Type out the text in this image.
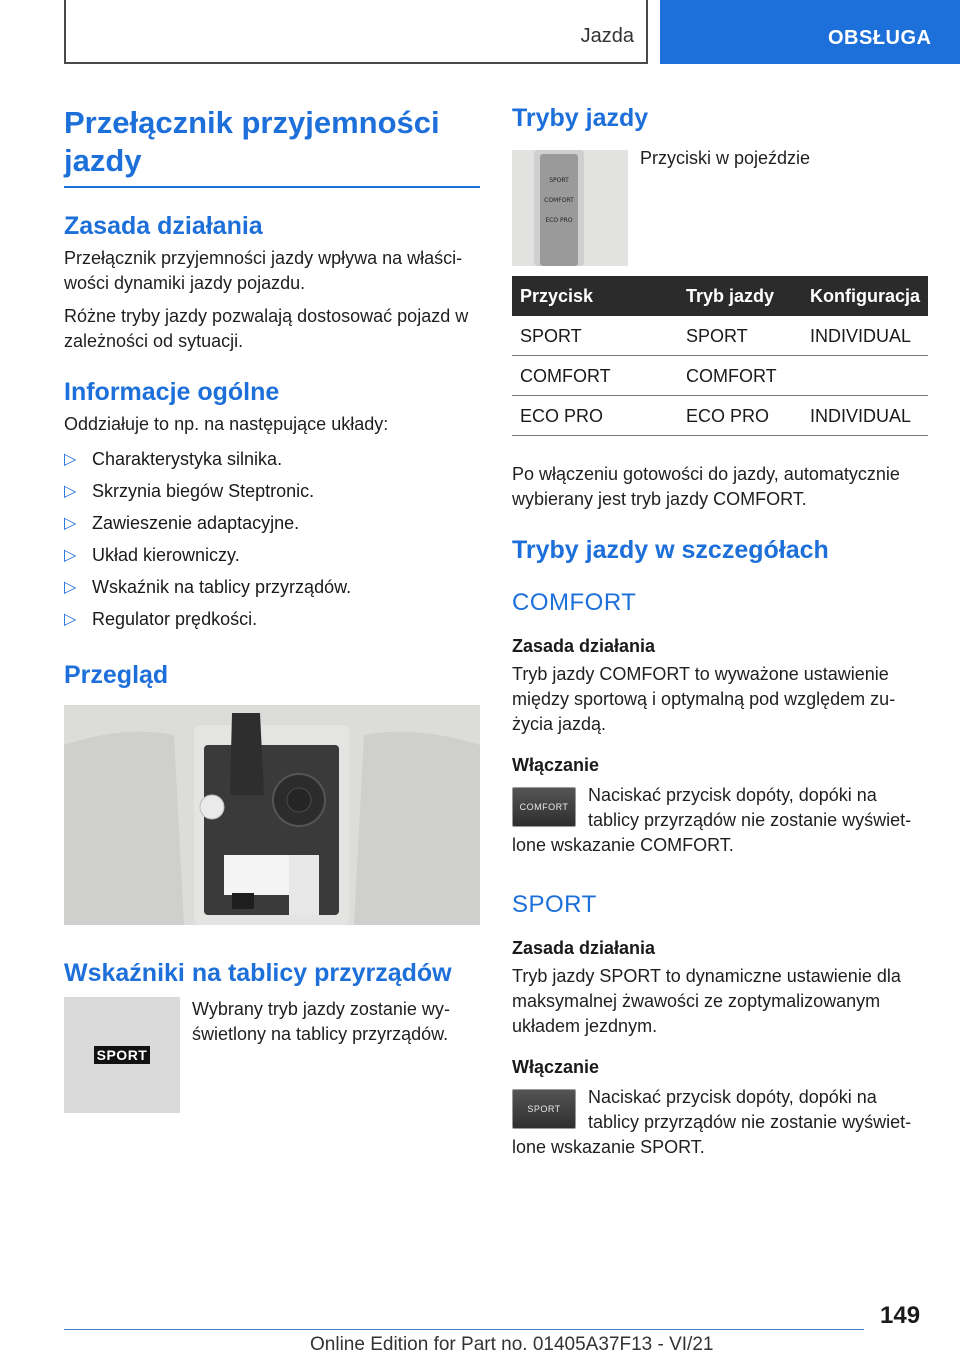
Jazda	OBSŁUGA
Przełącznik przyjemności jazdy
Zasada działania

Przełącznik przyjemności jazdy wpływa na właściwości dynamiki jazdy pojazdu.

Różne tryby jazdy pozwalają dostosować pojazd w zależności od sytuacji.

Informacje ogólne

Oddziałuje to np. na następujące układy:

▷ Charakterystyka silnika.
▷ Skrzynia biegów Steptronic.
▷ Zawieszenie adaptacyjne.
▷ Układ kierowniczy.
▷ Wskaźnik na tablicy przyrządów.
▷ Regulator prędkości.
Przegląd
Wskaźniki na tablicy przyrządów
SPORT

Wybrany tryb jazdy zostanie wyświetlony na tablicy przyrządów.

Tryby jazdy
SPORT
COMFORT
ECO PRO

Przyciski w pojeździe

Przycisk	Tryb jazdy	Konfiguracja
SPORT	SPORT	INDIVIDUAL
COMFORT	COMFORT	
ECO PRO	ECO PRO	INDIVIDUAL

Po włączeniu gotowości do jazdy, automatycznie wybierany jest tryb jazdy COMFORT.

Tryby jazdy w szczegółach
COMFORT
Zasada działania

Tryb jazdy COMFORT to wyważone ustawienie między sportową i optymalną pod względem zużycia jazdą.

Włączanie
COMFORT

Naciskać przycisk dopóty, dopóki na tablicy przyrządów nie zostanie wyświetlone wskazanie COMFORT.

SPORT
Zasada działania

Tryb jazdy SPORT to dynamiczne ustawienie dla maksymalnej żwawości ze zoptymalizowanym układem jezdnym.

Włączanie
SPORT

Naciskać przycisk dopóty, dopóki na tablicy przyrządów nie zostanie wyświetlone wskazanie SPORT.

149
Online Edition for Part no. 01405A37F13 - VI/21
